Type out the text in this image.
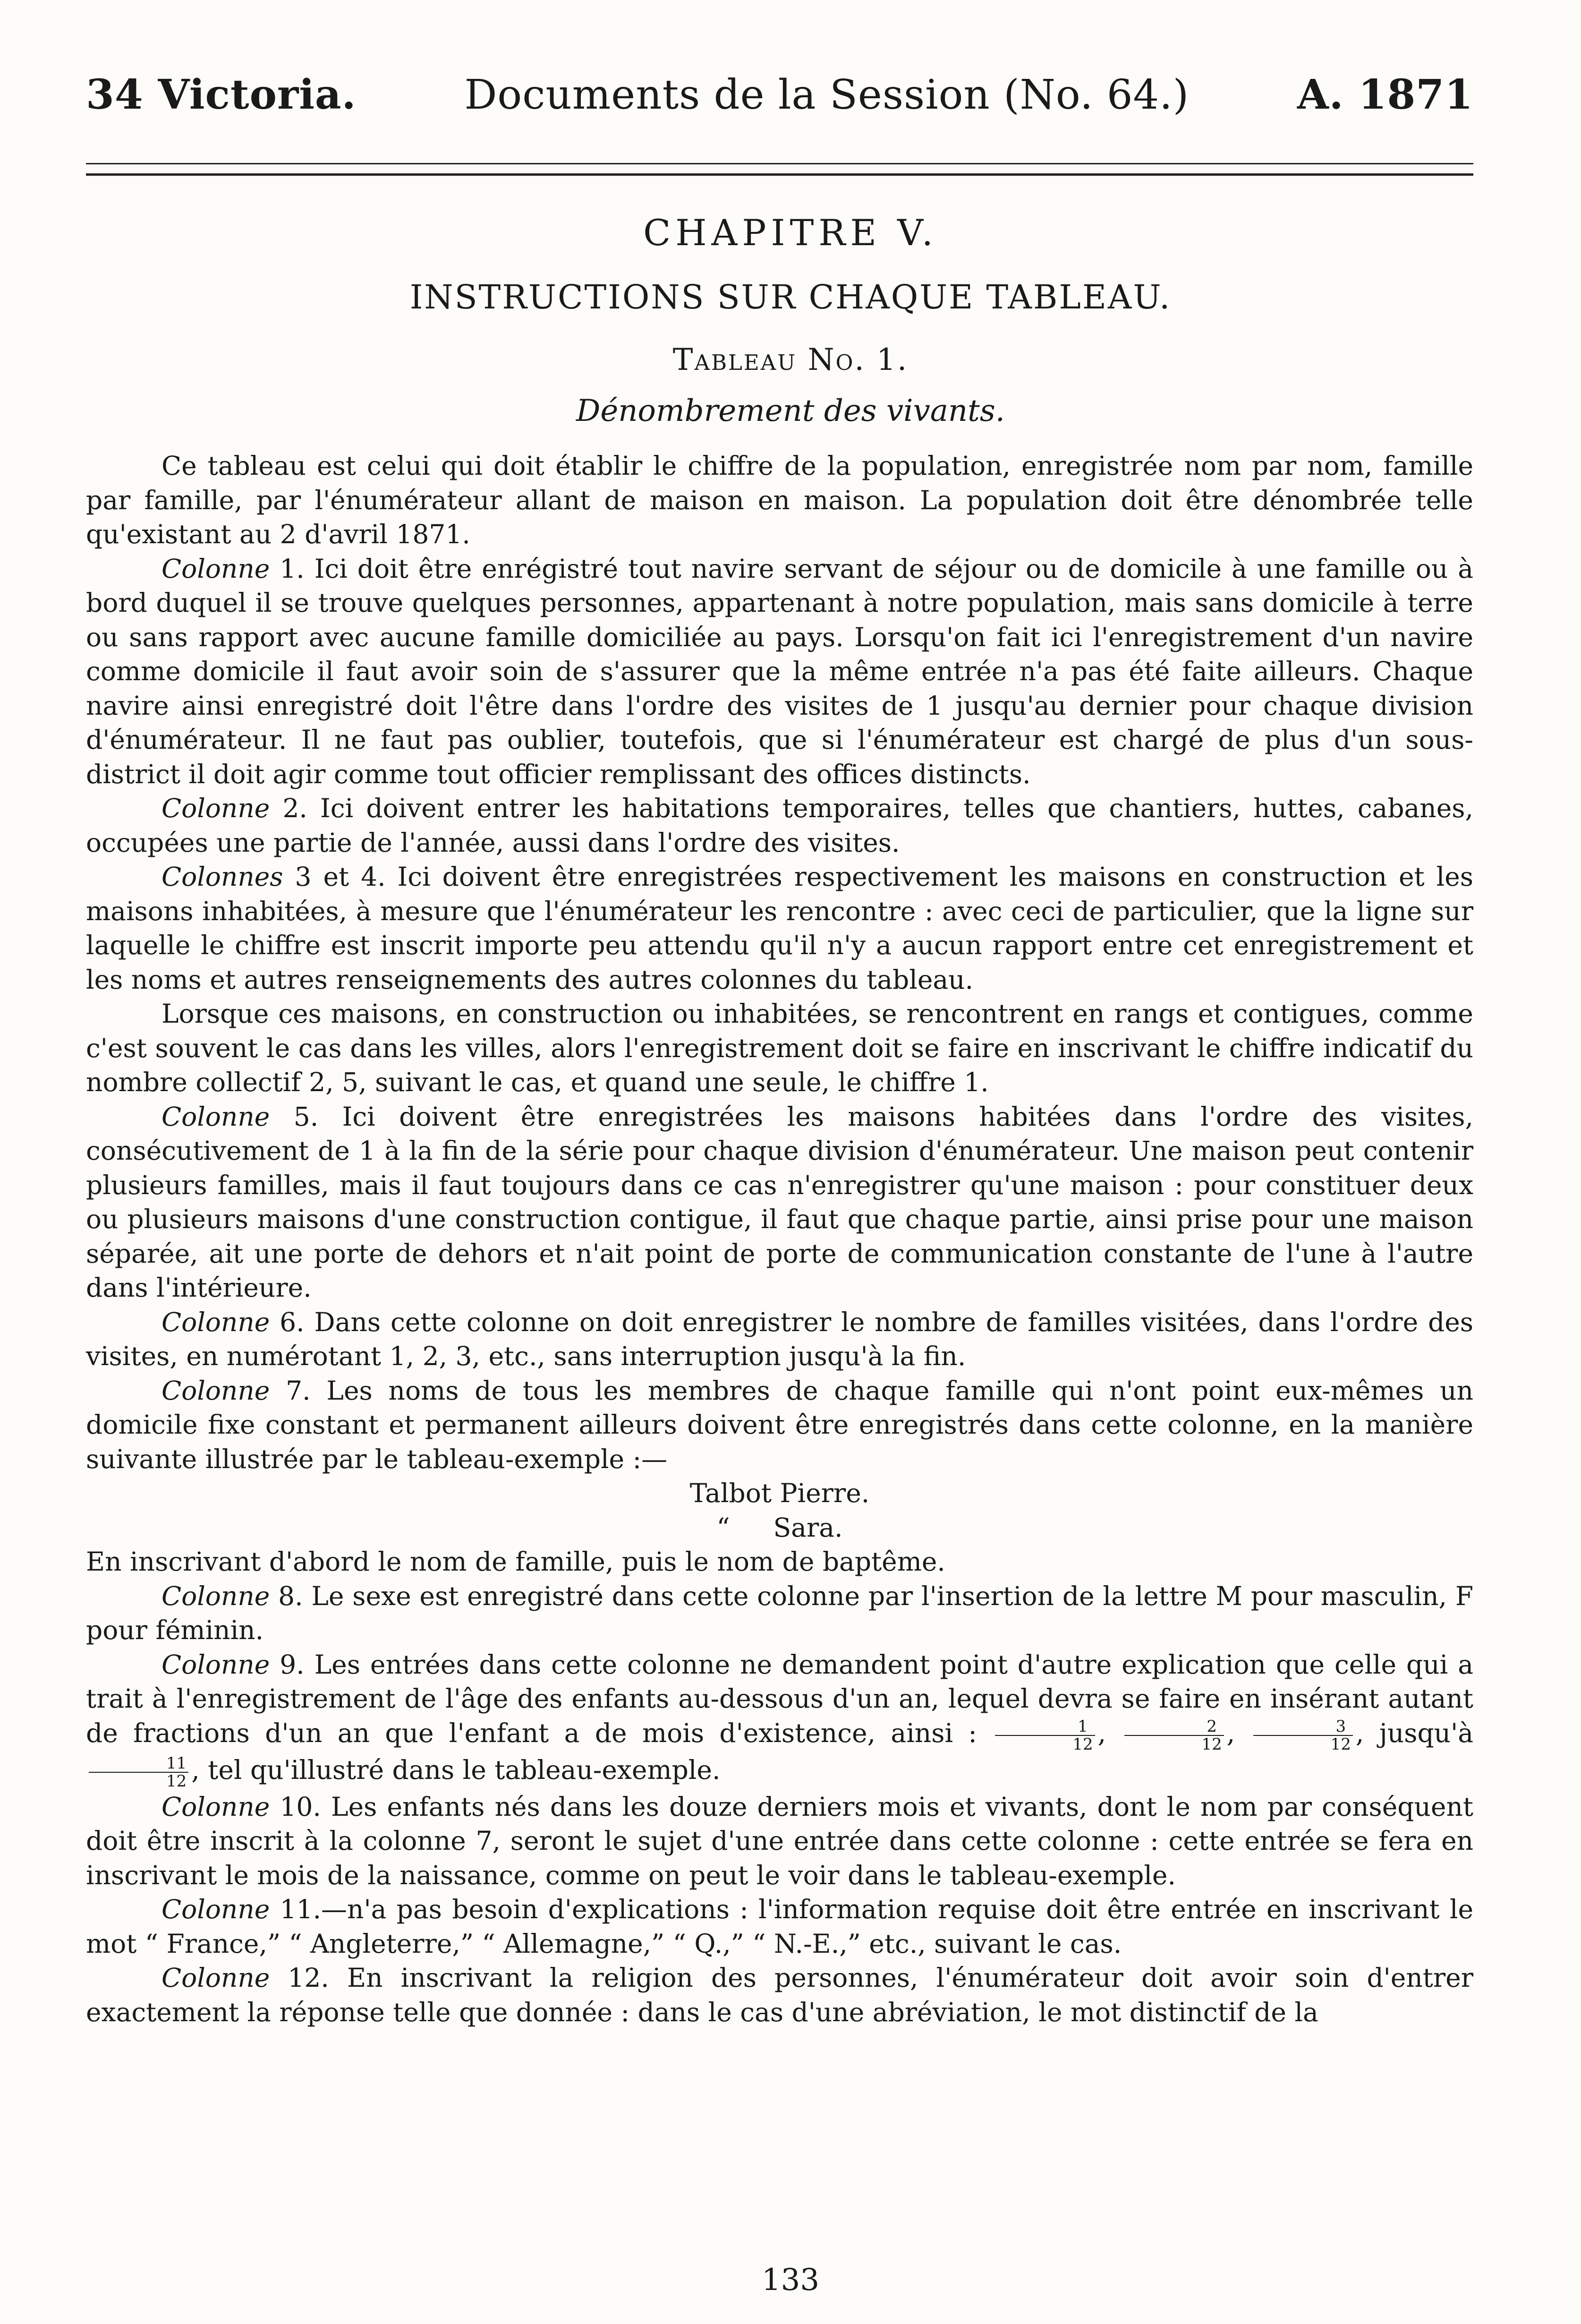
34 Victoria.	Documents de la Session (No. 64.)	A. 1871
CHAPITRE V.
INSTRUCTIONS SUR CHAQUE TABLEAU.
Tableau No. 1.
Dénombrement des vivants.

Ce tableau est celui qui doit établir le chiffre de la population, enregistrée nom par nom, famille par famille, par l'énumérateur allant de maison en maison. La population doit être dénombrée telle qu'existant au 2 d'avril 1871.

Colonne 1. Ici doit être enrégistré tout navire servant de séjour ou de domicile à une famille ou à bord duquel il se trouve quelques personnes, appartenant à notre population, mais sans domicile à terre ou sans rapport avec aucune famille domiciliée au pays. Lorsqu'on fait ici l'enregistrement d'un navire comme domicile il faut avoir soin de s'assurer que la même entrée n'a pas été faite ailleurs. Chaque navire ainsi enregistré doit l'être dans l'ordre des visites de 1 jusqu'au dernier pour chaque division d'énumérateur. Il ne faut pas oublier, toutefois, que si l'énumérateur est chargé de plus d'un sous-district il doit agir comme tout officier remplissant des offices distincts.

Colonne 2. Ici doivent entrer les habitations temporaires, telles que chantiers, huttes, cabanes, occupées une partie de l'année, aussi dans l'ordre des visites.

Colonnes 3 et 4. Ici doivent être enregistrées respectivement les maisons en construction et les maisons inhabitées, à mesure que l'énumérateur les rencontre : avec ceci de particulier, que la ligne sur laquelle le chiffre est inscrit importe peu attendu qu'il n'y a aucun rapport entre cet enregistrement et les noms et autres renseignements des autres colonnes du tableau.

Lorsque ces maisons, en construction ou inhabitées, se rencontrent en rangs et contigues, comme c'est souvent le cas dans les villes, alors l'enregistrement doit se faire en inscrivant le chiffre indicatif du nombre collectif 2, 5, suivant le cas, et quand une seule, le chiffre 1.

Colonne 5. Ici doivent être enregistrées les maisons habitées dans l'ordre des visites, consécutivement de 1 à la fin de la série pour chaque division d'énumérateur. Une maison peut contenir plusieurs familles, mais il faut toujours dans ce cas n'enregistrer qu'une maison : pour constituer deux ou plusieurs maisons d'une construction contigue, il faut que chaque partie, ainsi prise pour une maison séparée, ait une porte de dehors et n'ait point de porte de communication constante de l'une à l'autre dans l'intérieure.

Colonne 6. Dans cette colonne on doit enregistrer le nombre de familles visitées, dans l'ordre des visites, en numérotant 1, 2, 3, etc., sans interruption jusqu'à la fin.

Colonne 7. Les noms de tous les membres de chaque famille qui n'ont point eux-mêmes un domicile fixe constant et permanent ailleurs doivent être enregistrés dans cette colonne, en la manière suivante illustrée par le tableau-exemple :—

Talbot Pierre.
“ Sara.

En inscrivant d'abord le nom de famille, puis le nom de baptême.

Colonne 8. Le sexe est enregistré dans cette colonne par l'insertion de la lettre M pour masculin, F pour féminin.

Colonne 9. Les entrées dans cette colonne ne demandent point d'autre explication que celle qui a trait à l'enregistrement de l'âge des enfants au-dessous d'un an, lequel devra se faire en insérant autant de fractions d'un an que l'enfant a de mois d'existence, ainsi : $\frac{1}{12}$ , $\frac{2}{12}$ , $\frac{3}{12}$ , jusqu'à
$\frac{11}{12}$ , tel qu'illustré dans le tableau-exemple.

Colonne 10. Les enfants nés dans les douze derniers mois et vivants, dont le nom par conséquent doit être inscrit à la colonne 7, seront le sujet d'une entrée dans cette colonne : cette entrée se fera en inscrivant le mois de la naissance, comme on peut le voir dans le tableau-exemple.

Colonne 11.—n'a pas besoin d'explications : l'information requise doit être entrée en inscrivant le mot “ France,” “ Angleterre,” “ Allemagne,” “ Q.,” “ N.-E.,” etc., suivant le cas.

Colonne 12. En inscrivant la religion des personnes, l'énumérateur doit avoir soin d'entrer exactement la réponse telle que donnée : dans le cas d'une abréviation, le mot distinctif de la

133
